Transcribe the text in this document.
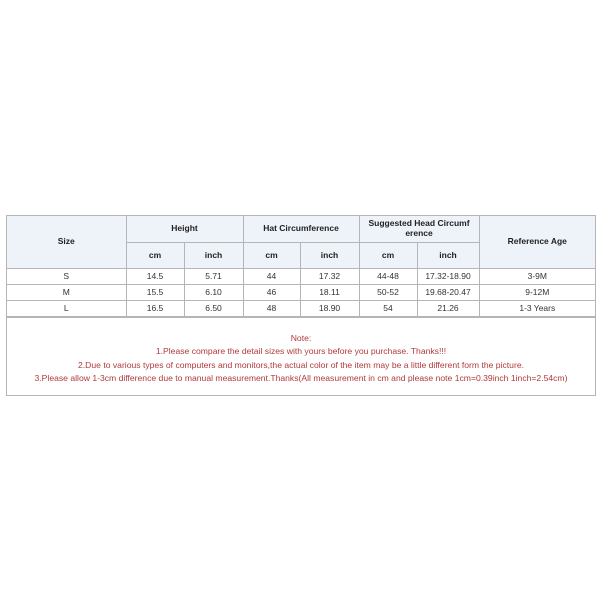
Size	Height		Hat Circumference		Suggested Head Circumf erence		Reference Age
	cm	inch	cm	inch	cm	inch	
S	14.5	5.71	44	17.32	44-48	17.32-18.90	3-9M
M	15.5	6.10	46	18.11	50-52	19.68-20.47	9-12M
L	16.5	6.50	48	18.90	54	21.26	1-3 Years
Note:
1.Please compare the detail sizes with yours before you purchase. Thanks!!!
2.Due to various types of computers and monitors,the actual color of the item may be a little different form the picture.
3.Please allow 1-3cm difference due to manual measurement.Thanks(All measurement in cm and please note 1cm=0.39inch 1inch=2.54cm)
